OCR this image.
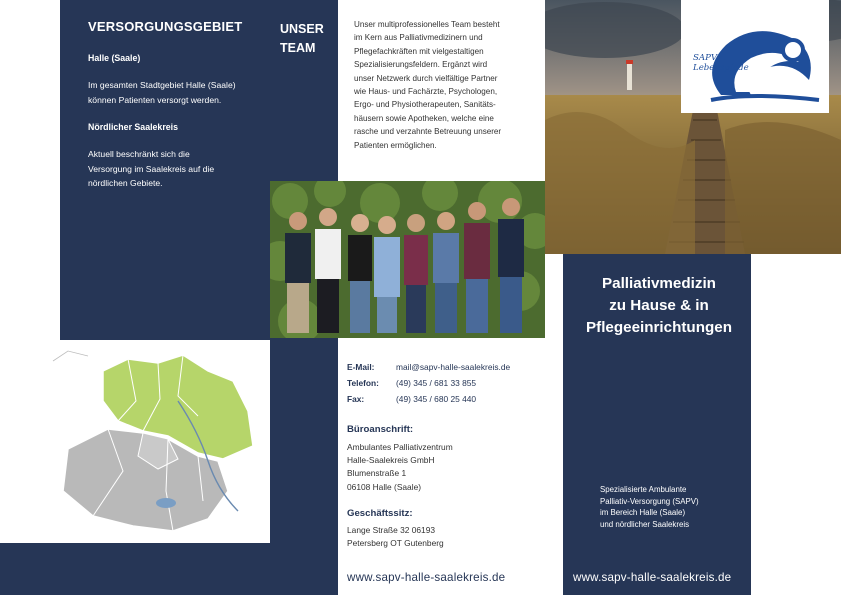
VERSORGUNGSGEBIET
Halle (Saale)
Im gesamten Stadtgebiet Halle (Saale)
können Patienten versorgt werden.
Nördlicher Saalekreis
Aktuell beschränkt sich die
Versorgung im Saalekreis auf die
nördlichen Gebiete.
UNSER
TEAM
Unser multiprofessionelles Team besteht
im Kern aus Palliativmedizinern und
Pflegefachkräften mit vielgestaltigen
Spezialisierungsfeldern. Ergänzt wird
unser Netzwerk durch vielfältige Partner
wie Haus- und Fachärzte, Psychologen,
Ergo- und Physiotherapeuten, Sanitäts-
häusern sowie Apotheken, welche eine
rasche und verzahnte Betreuung unserer
Patienten ermöglichen.
SAPV
Lebenspfade
E-Mail:	mail@sapv-halle-saalekreis.de
Telefon: (49) 345 / 681 33 855
Fax:	(49) 345 / 680 25 440
Büroanschrift:
Ambulantes Palliativzentrum
Halle-Saalekreis GmbH
Blumenstraße 1
06108 Halle (Saale)
Geschäftssitz:
Lange Straße 32 06193
Petersberg OT Gutenberg
www.sapv-halle-saalekreis.de
Palliativmedizin
zu Hause & in
Pflegeeinrichtungen
Spezialisierte Ambulante
Palliativ-Versorgung (SAPV)
im Bereich Halle (Saale)
und nördlicher Saalekreis
www.sapv-halle-saalekreis.de
